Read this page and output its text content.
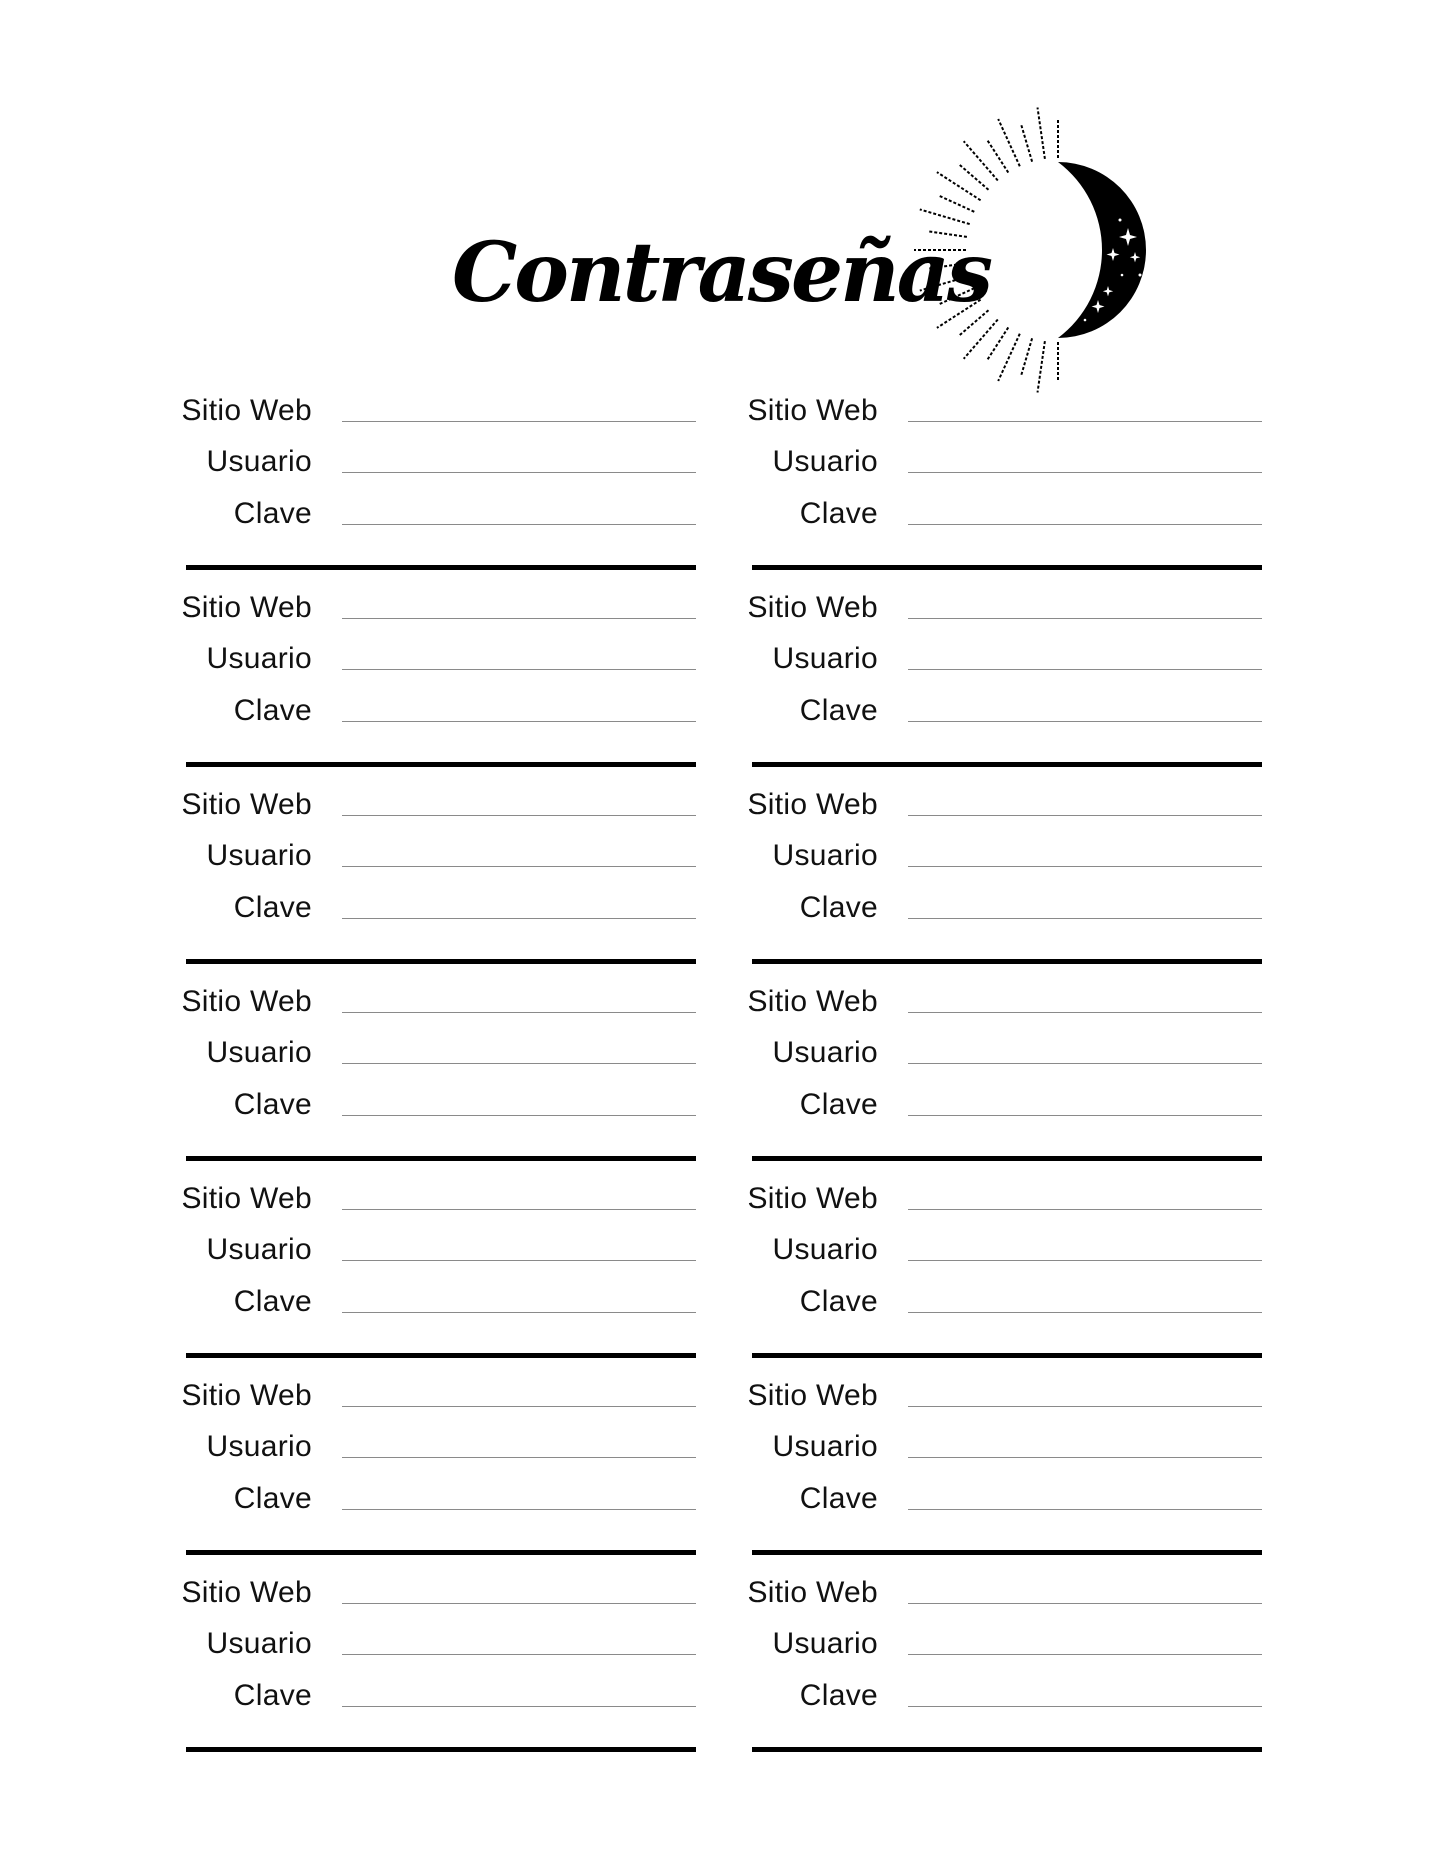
Contraseñas
Sitio Web
Usuario
Clave
Sitio Web
Usuario
Clave
Sitio Web
Usuario
Clave
Sitio Web
Usuario
Clave
Sitio Web
Usuario
Clave
Sitio Web
Usuario
Clave
Sitio Web
Usuario
Clave
Sitio Web
Usuario
Clave
Sitio Web
Usuario
Clave
Sitio Web
Usuario
Clave
Sitio Web
Usuario
Clave
Sitio Web
Usuario
Clave
Sitio Web
Usuario
Clave
Sitio Web
Usuario
Clave
